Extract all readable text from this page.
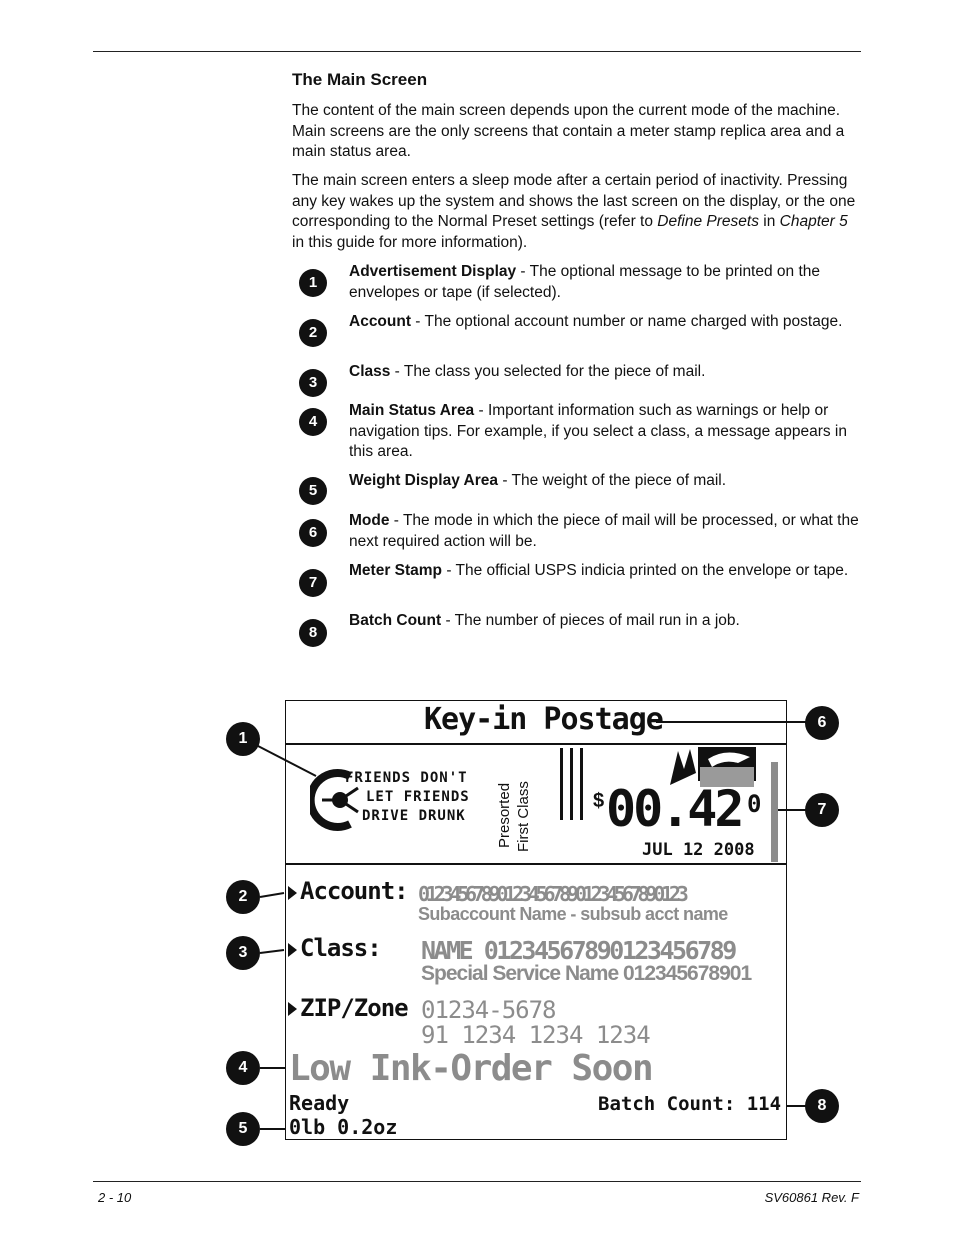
The Main Screen

The content of the main screen depends upon the current mode of the machine. Main screens are the only screens that contain a meter stamp replica area and a main status area.

The main screen enters a sleep mode after a certain period of inactivity. Pressing any key wakes up the system and shows the last screen on the display, or the one corresponding to the Normal Preset settings (refer to Define Presets in Chapter 5 in this guide for more information).

1
Advertisement Display - The optional message to be printed on the envelopes or tape (if selected).
2
Account - The optional account number or name charged with postage.
3
Class - The class you selected for the piece of mail.
4
Main Status Area - Important information such as warnings or help or navigation tips. For example, if you select a class, a message appears in this area.
5
Weight Display Area - The weight of the piece of mail.
6
Mode - The mode in which the piece of mail will be processed, or what the next required action will be.
7
Meter Stamp - The official USPS indicia printed on the envelope or tape.
8
Batch Count - The number of pieces of mail run in a job.
Key-in Postage
FRIENDS DON'T
LET FRIENDS
DRIVE DRUNK Presorted First Class	$ 00.42 0
JUL 12 2008
Account: 0123456789012345678901234567890123
Subaccount Name - subsub acct name
Class: NAME 01234567890123456789
Special Service Name 012345678901
ZIP/Zone 01234-5678
91 1234 1234 1234
Low Ink-Order Soon
Ready
0lb 0.2oz
Batch Count: 114
1
2
3
4
5
6
7
8
2 - 10	SV60861 Rev. F
